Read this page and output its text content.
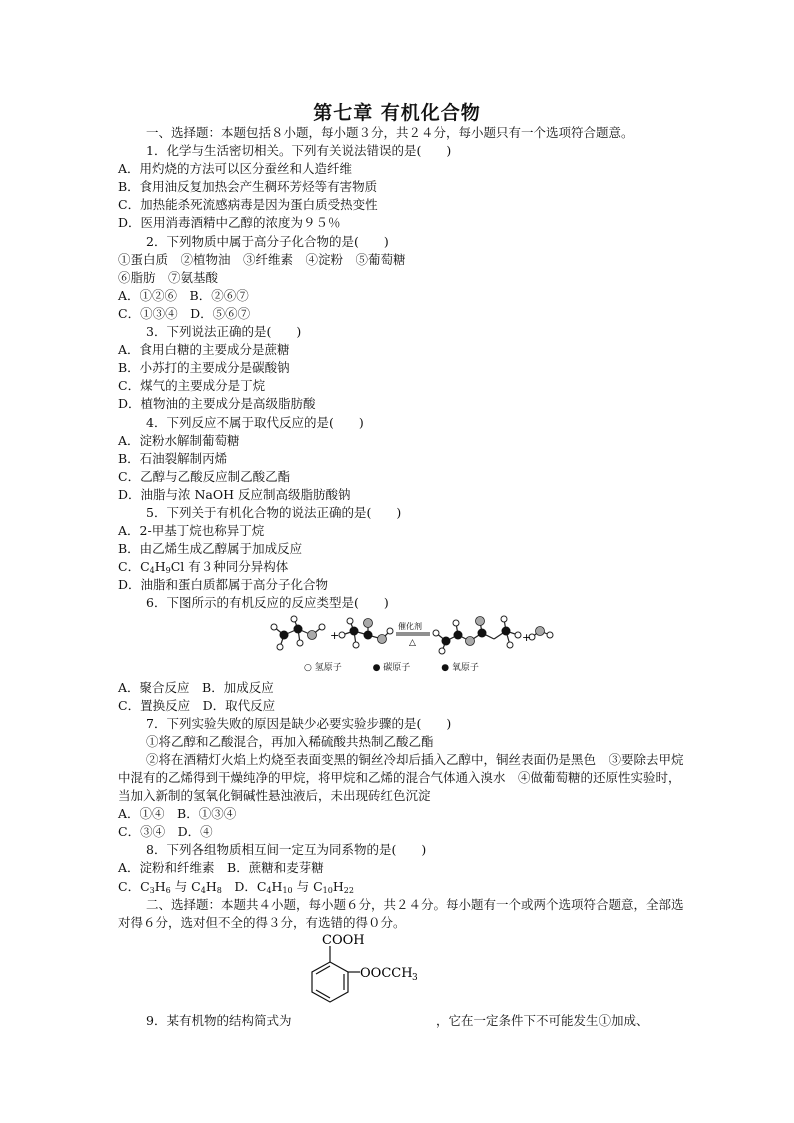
第七章 有机化合物
一、选择题：本题包括８小题，每小题３分，共２４分，每小题只有一个选项符合题意。
1．化学与生活密切相关。下列有关说法错误的是(　　)
A．用灼烧的方法可以区分蚕丝和人造纤维
B．食用油反复加热会产生稠环芳烃等有害物质
C．加热能杀死流感病毒是因为蛋白质受热变性
D．医用消毒酒精中乙醇的浓度为９５％
2．下列物质中属于高分子化合物的是(　　)
①蛋白质　②植物油　③纤维素　④淀粉　⑤葡萄糖
⑥脂肪　⑦氨基酸
A．①②⑥　B．②⑥⑦
C．①③④　D．⑤⑥⑦
3．下列说法正确的是(　　)
A．食用白糖的主要成分是蔗糖
B．小苏打的主要成分是碳酸钠
C．煤气的主要成分是丁烷
D．植物油的主要成分是高级脂肪酸
4．下列反应不属于取代反应的是(　　)
A．淀粉水解制葡萄糖
B．石油裂解制丙烯
C．乙醇与乙酸反应制乙酸乙酯
D．油脂与浓 NaOH 反应制高级脂肪酸钠
5．下列关于有机化合物的说法正确的是(　　)
A．2-甲基丁烷也称异丁烷
B．由乙烯生成乙醇属于加成反应
C．$C_4H_9Cl$ 有３种同分异构体
D．油脂和蛋白质都属于高分子化合物
6．下图所示的有机反应的反应类型是(　　)
+	+
催化剂
△
○ 氢原子	● 碳原子	● 氧原子
A．聚合反应　B．加成反应
C．置换反应　D．取代反应
7．下列实验失败的原因是缺少必要实验步骤的是(　　)
①将乙醇和乙酸混合，再加入稀硫酸共热制乙酸乙酯
②将在酒精灯火焰上灼烧至表面变黑的铜丝冷却后插入乙醇中，铜丝表面仍是黑色　③要除去甲烷中混有的乙烯得到干燥纯净的甲烷，将甲烷和乙烯的混合气体通入溴水　④做葡萄糖的还原性实验时，当加入新制的氢氧化铜碱性悬浊液后，未出现砖红色沉淀
A．①④　B．①③④
C．③④　D．④
8．下列各组物质相互间一定互为同系物的是(　　)
A．淀粉和纤维素　B．蔗糖和麦芽糖
C．$C_3H_6$ 与 $C_4H_8$　D．$C_4H_{10}$ 与 $C_{10}H_{22}$
二、选择题：本题共４小题，每小题６分，共２４分。每小题有一个或两个选项符合题意，全部选对得６分，选对但不全的得３分，有选错的得０分。
COOH
OOCCH 3
9．某有机物的结构简式为	，它在一定条件下不可能发生①加成、
